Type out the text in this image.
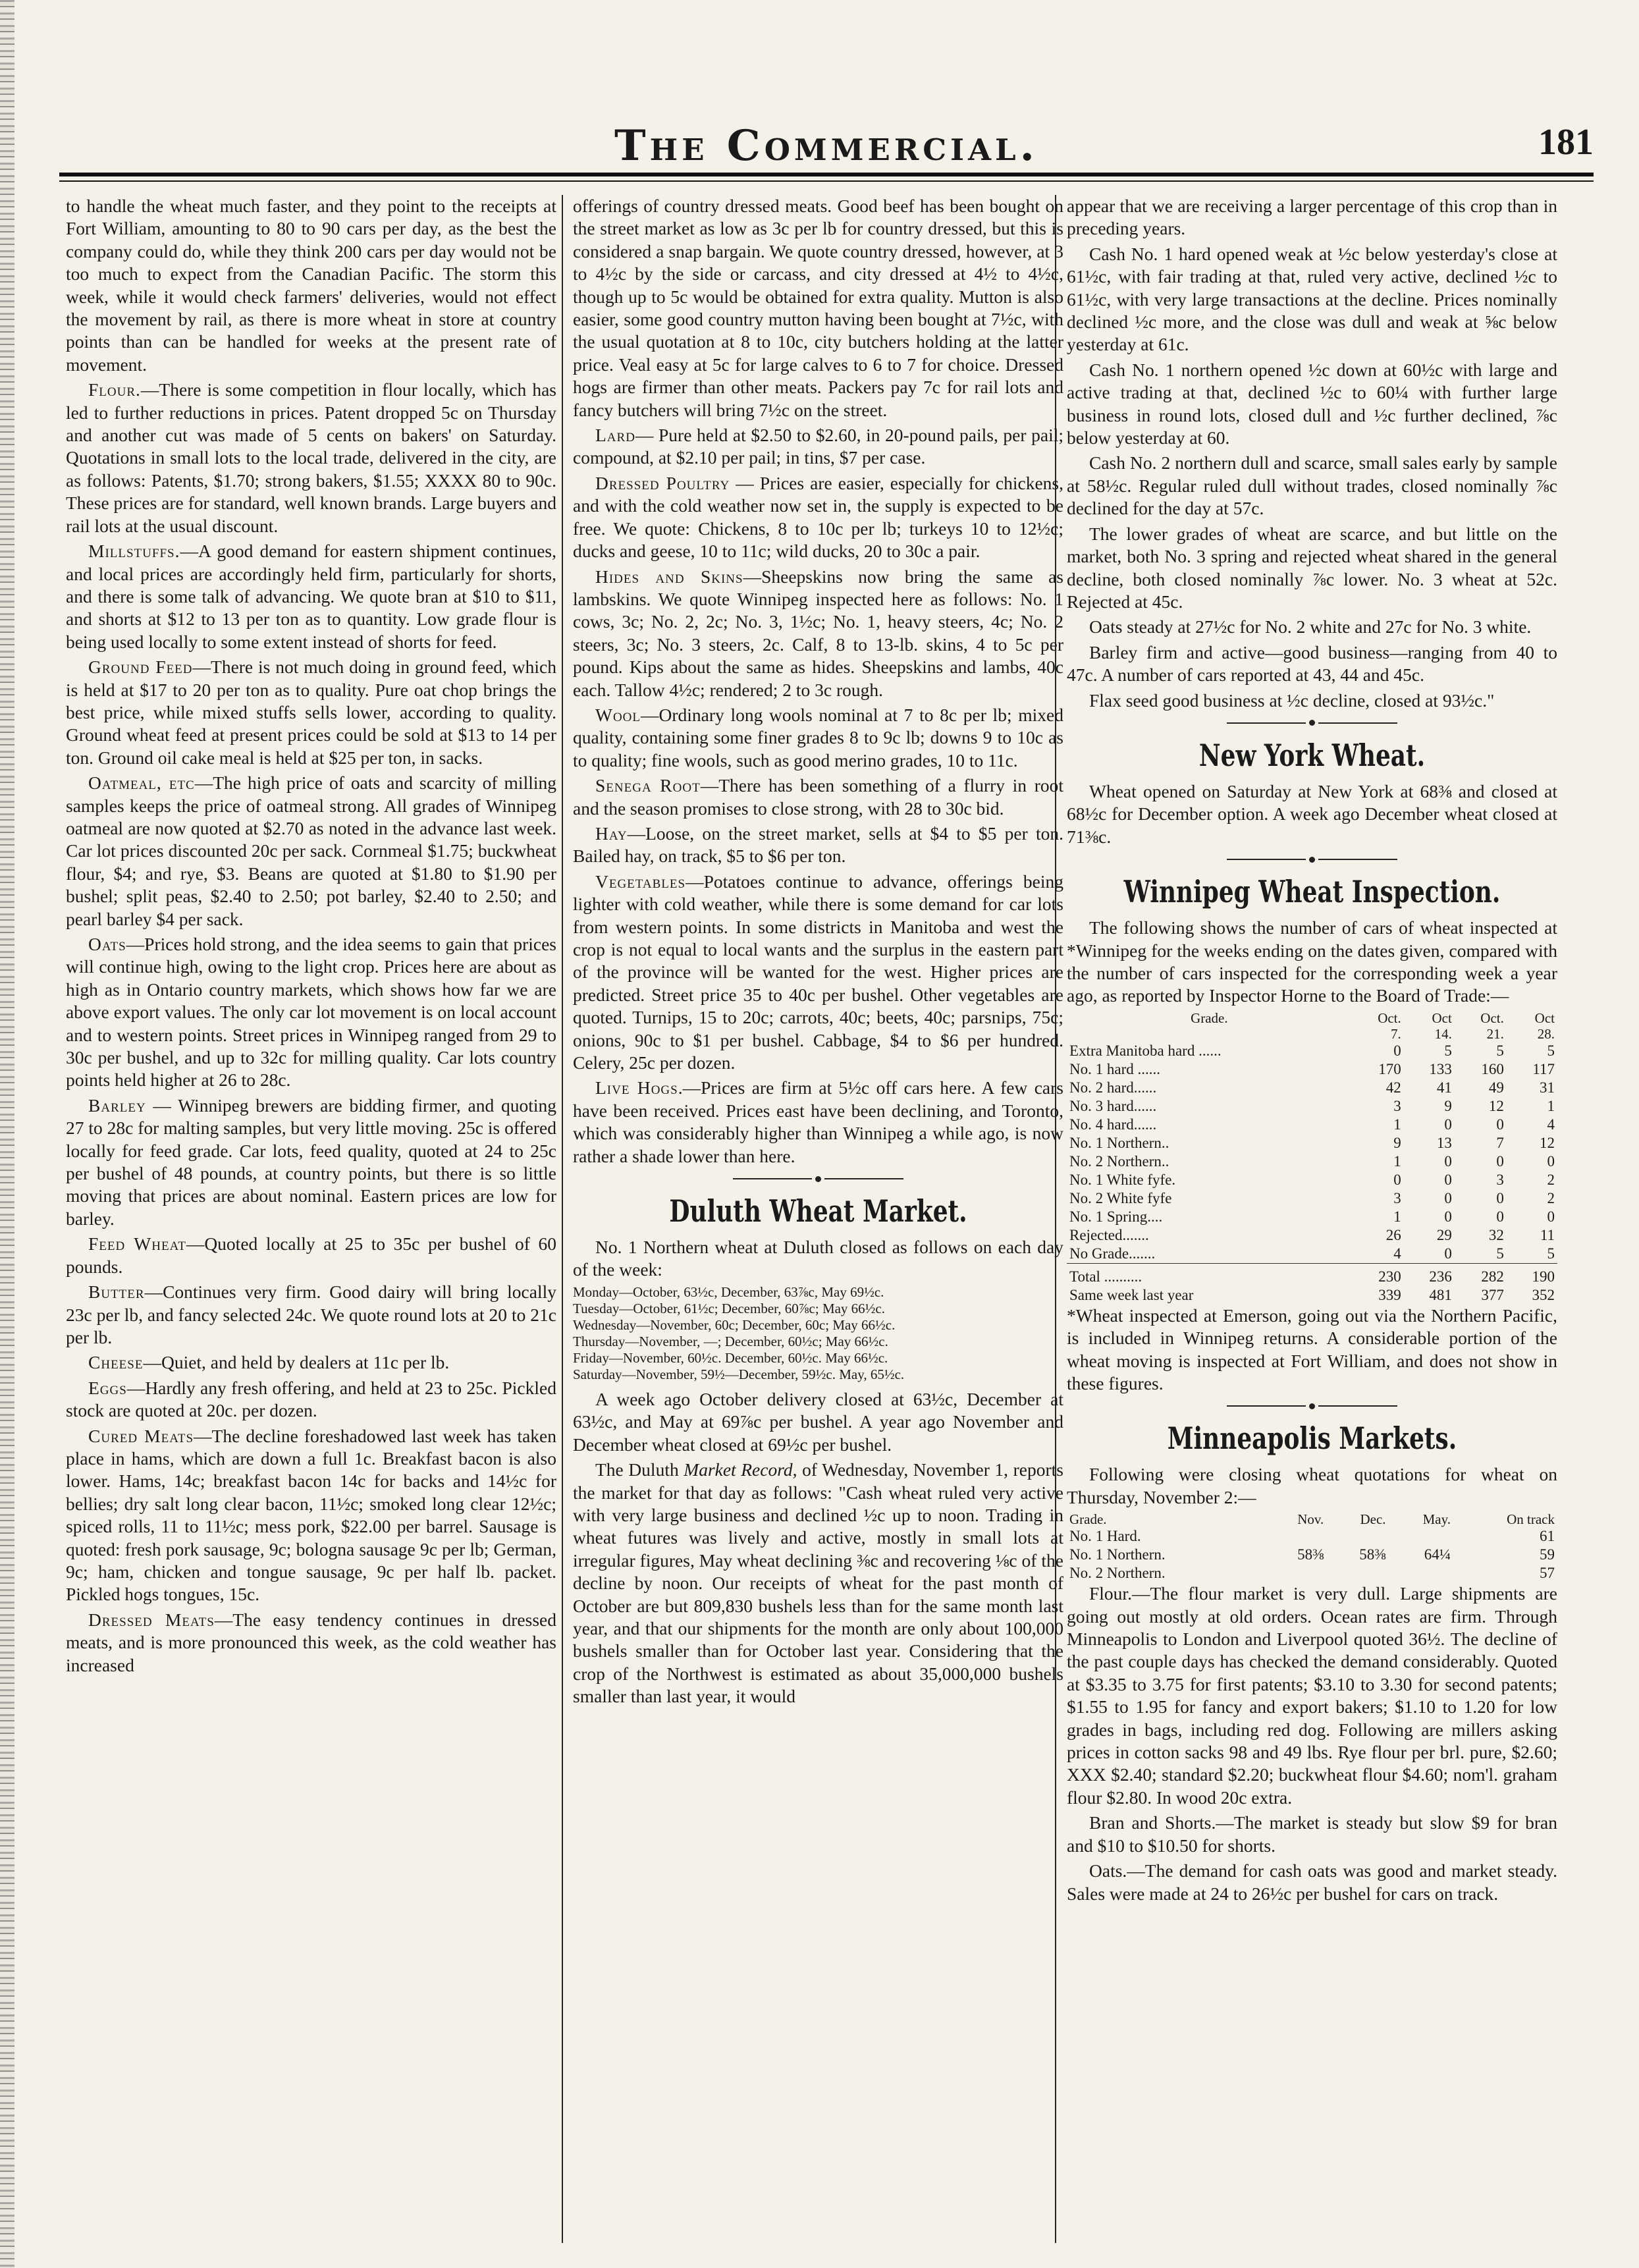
The Commercial.	181

to handle the wheat much faster, and they point to the receipts at Fort William, amounting to 80 to 90 cars per day, as the best the company could do, while they think 200 cars per day would not be too much to expect from the Canadian Pacific. The storm this week, while it would check farmers' deliveries, would not effect the movement by rail, as there is more wheat in store at country points than can be handled for weeks at the present rate of movement.

Flour.—There is some competition in flour locally, which has led to further reductions in prices. Patent dropped 5c on Thursday and another cut was made of 5 cents on bakers' on Saturday. Quotations in small lots to the local trade, delivered in the city, are as follows: Patents, $1.70; strong bakers, $1.55; XXXX 80 to 90c. These prices are for standard, well known brands. Large buyers and rail lots at the usual discount.

Millstuffs.—A good demand for eastern shipment continues, and local prices are accordingly held firm, particularly for shorts, and there is some talk of advancing. We quote bran at $10 to $11, and shorts at $12 to 13 per ton as to quantity. Low grade flour is being used locally to some extent instead of shorts for feed.

Ground Feed—There is not much doing in ground feed, which is held at $17 to 20 per ton as to quality. Pure oat chop brings the best price, while mixed stuffs sells lower, according to quality. Ground wheat feed at present prices could be sold at $13 to 14 per ton. Ground oil cake meal is held at $25 per ton, in sacks.

Oatmeal, etc—The high price of oats and scarcity of milling samples keeps the price of oatmeal strong. All grades of Winnipeg oatmeal are now quoted at $2.70 as noted in the advance last week. Car lot prices discounted 20c per sack. Cornmeal $1.75; buckwheat flour, $4; and rye, $3. Beans are quoted at $1.80 to $1.90 per bushel; split peas, $2.40 to 2.50; pot barley, $2.40 to 2.50; and pearl barley $4 per sack.

Oats—Prices hold strong, and the idea seems to gain that prices will continue high, owing to the light crop. Prices here are about as high as in Ontario country markets, which shows how far we are above export values. The only car lot movement is on local account and to western points. Street prices in Winnipeg ranged from 29 to 30c per bushel, and up to 32c for milling quality. Car lots country points held higher at 26 to 28c.

Barley — Winnipeg brewers are bidding firmer, and quoting 27 to 28c for malting samples, but very little moving. 25c is offered locally for feed grade. Car lots, feed quality, quoted at 24 to 25c per bushel of 48 pounds, at country points, but there is so little moving that prices are about nominal. Eastern prices are low for barley.

Feed Wheat—Quoted locally at 25 to 35c per bushel of 60 pounds.

Butter—Continues very firm. Good dairy will bring locally 23c per lb, and fancy selected 24c. We quote round lots at 20 to 21c per lb.

Cheese—Quiet, and held by dealers at 11c per lb.

Eggs—Hardly any fresh offering, and held at 23 to 25c. Pickled stock are quoted at 20c. per dozen.

Cured Meats—The decline foreshadowed last week has taken place in hams, which are down a full 1c. Breakfast bacon is also lower. Hams, 14c; breakfast bacon 14c for backs and 14½c for bellies; dry salt long clear bacon, 11½c; smoked long clear 12½c; spiced rolls, 11 to 11½c; mess pork, $22.00 per barrel. Sausage is quoted: fresh pork sausage, 9c; bologna sausage 9c per lb; German, 9c; ham, chicken and tongue sausage, 9c per half lb. packet. Pickled hogs tongues, 15c.

Dressed Meats—The easy tendency continues in dressed meats, and is more pronounced this week, as the cold weather has increased

offerings of country dressed meats. Good beef has been bought on the street market as low as 3c per lb for country dressed, but this is considered a snap bargain. We quote country dressed, however, at 3 to 4½c by the side or carcass, and city dressed at 4½ to 4½c, though up to 5c would be obtained for extra quality. Mutton is also easier, some good country mutton having been bought at 7½c, with the usual quotation at 8 to 10c, city butchers holding at the latter price. Veal easy at 5c for large calves to 6 to 7 for choice. Dressed hogs are firmer than other meats. Packers pay 7c for rail lots and fancy butchers will bring 7½c on the street.

Lard— Pure held at $2.50 to $2.60, in 20-pound pails, per pail; compound, at $2.10 per pail; in tins, $7 per case.

Dressed Poultry — Prices are easier, especially for chickens, and with the cold weather now set in, the supply is expected to be free. We quote: Chickens, 8 to 10c per lb; turkeys 10 to 12½c; ducks and geese, 10 to 11c; wild ducks, 20 to 30c a pair.

Hides and Skins—Sheepskins now bring the same as lambskins. We quote Winnipeg inspected here as follows: No. 1 cows, 3c; No. 2, 2c; No. 3, 1½c; No. 1, heavy steers, 4c; No. 2 steers, 3c; No. 3 steers, 2c. Calf, 8 to 13-lb. skins, 4 to 5c per pound. Kips about the same as hides. Sheepskins and lambs, 40c each. Tallow 4½c; rendered; 2 to 3c rough.

Wool—Ordinary long wools nominal at 7 to 8c per lb; mixed quality, containing some finer grades 8 to 9c lb; downs 9 to 10c as to quality; fine wools, such as good merino grades, 10 to 11c.

Senega Root—There has been something of a flurry in root and the season promises to close strong, with 28 to 30c bid.

Hay—Loose, on the street market, sells at $4 to $5 per ton. Bailed hay, on track, $5 to $6 per ton.

Vegetables—Potatoes continue to advance, offerings being lighter with cold weather, while there is some demand for car lots from western points. In some districts in Manitoba and west the crop is not equal to local wants and the surplus in the eastern part of the province will be wanted for the west. Higher prices are predicted. Street price 35 to 40c per bushel. Other vegetables are quoted. Turnips, 15 to 20c; carrots, 40c; beets, 40c; parsnips, 75c; onions, 90c to $1 per bushel. Cabbage, $4 to $6 per hundred. Celery, 25c per dozen.

Live Hogs.—Prices are firm at 5½c off cars here. A few cars have been received. Prices east have been declining, and Toronto, which was considerably higher than Winnipeg a while ago, is now rather a shade lower than here.

Duluth Wheat Market.

No. 1 Northern wheat at Duluth closed as follows on each day of the week:

Monday—October, 63½c, December, 63⅞c, May 69½c.
Tuesday—October, 61½c; December, 60⅞c; May 66½c.
Wednesday—November, 60c; December, 60c; May 66½c.
Thursday—November, —; December, 60½c; May 66½c.
Friday—November, 60½c. December, 60½c. May 66½c.
Saturday—November, 59½—December, 59½c. May, 65½c.

A week ago October delivery closed at 63½c, December at 63½c, and May at 69⅞c per bushel. A year ago November and December wheat closed at 69½c per bushel.

The Duluth Market Record, of Wednesday, November 1, reports the market for that day as follows: "Cash wheat ruled very active with very large business and declined ½c up to noon. Trading in wheat futures was lively and active, mostly in small lots at irregular figures, May wheat declining ⅜c and recovering ⅛c of the decline by noon. Our receipts of wheat for the past month of October are but 809,830 bushels less than for the same month last year, and that our shipments for the month are only about 100,000 bushels smaller than for October last year. Considering that the crop of the Northwest is estimated as about 35,000,000 bushels smaller than last year, it would

appear that we are receiving a larger percentage of this crop than in preceding years.

Cash No. 1 hard opened weak at ½c below yesterday's close at 61½c, with fair trading at that, ruled very active, declined ½c to 61½c, with very large transactions at the decline. Prices nominally declined ½c more, and the close was dull and weak at ⅝c below yesterday at 61c.

Cash No. 1 northern opened ½c down at 60½c with large and active trading at that, declined ½c to 60¼ with further large business in round lots, closed dull and ½c further declined, ⅞c below yesterday at 60.

Cash No. 2 northern dull and scarce, small sales early by sample at 58½c. Regular ruled dull without trades, closed nominally ⅞c declined for the day at 57c.

The lower grades of wheat are scarce, and but little on the market, both No. 3 spring and rejected wheat shared in the general decline, both closed nominally ⅞c lower. No. 3 wheat at 52c. Rejected at 45c.

Oats steady at 27½c for No. 2 white and 27c for No. 3 white.

Barley firm and active—good business—ranging from 40 to 47c. A number of cars reported at 43, 44 and 45c.

Flax seed good business at ½c decline, closed at 93½c."

New York Wheat.

Wheat opened on Saturday at New York at 68⅜ and closed at 68½c for December option. A week ago December wheat closed at 71⅜c.

Winnipeg Wheat Inspection.

The following shows the number of cars of wheat inspected at *Winnipeg for the weeks ending on the dates given, compared with the number of cars inspected for the corresponding week a year ago, as reported by Inspector Horne to the Board of Trade:—

Grade.	Oct.	Oct	Oct.	Oct
	7.	14.	21.	28.
Extra Manitoba hard ......	0	5	5	5
No. 1 hard ......	170	133	160	117
No. 2 hard......	42	41	49	31
No. 3 hard......	3	9	12	1
No. 4 hard......	1	0	0	4
No. 1 Northern..	9	13	7	12
No. 2 Northern..	1	0	0	0
No. 1 White fyfe.	0	0	3	2
No. 2 White fyfe	3	0	0	2
No. 1 Spring....	1	0	0	0
Rejected.......	26	29	32	11
No Grade.......	4	0	5	5
Total ..........	230	236	282	190
Same week last year	339	481	377	352

*Wheat inspected at Emerson, going out via the Northern Pacific, is included in Winnipeg returns. A considerable portion of the wheat moving is inspected at Fort William, and does not show in these figures.

Minneapolis Markets.

Following were closing wheat quotations for wheat on Thursday, November 2:—

Grade.	Nov.	Dec.	May.	On track
No. 1 Hard.				61
No. 1 Northern.	58⅜	58⅜	64¼	59
No. 2 Northern.				57

Flour.—The flour market is very dull. Large shipments are going out mostly at old orders. Ocean rates are firm. Through Minneapolis to London and Liverpool quoted 36½. The decline of the past couple days has checked the demand considerably. Quoted at $3.35 to 3.75 for first patents; $3.10 to 3.30 for second patents; $1.55 to 1.95 for fancy and export bakers; $1.10 to 1.20 for low grades in bags, including red dog. Following are millers asking prices in cotton sacks 98 and 49 lbs. Rye flour per brl. pure, $2.60; XXX $2.40; standard $2.20; buckwheat flour $4.60; nom'l. graham flour $2.80. In wood 20c extra.

Bran and Shorts.—The market is steady but slow $9 for bran and $10 to $10.50 for shorts.

Oats.—The demand for cash oats was good and market steady. Sales were made at 24 to 26½c per bushel for cars on track.
